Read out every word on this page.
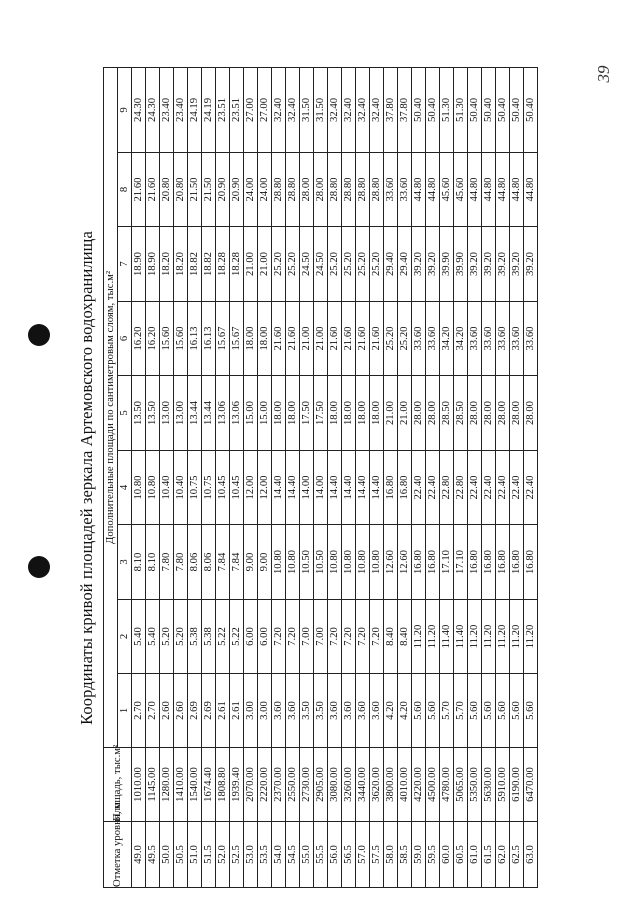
39
Координаты кривой площадей зеркала Артемовского водохранилища
Отметка уровня, м	Площадь, тыс.м²	Дополнительные площади по сантиметровым слоям, тыс.м²								
		1	2	3	4	5	6	7	8	9
49.0	1010.00	2.70	5.40	8.10	10.80	13.50	16.20	18.90	21.60	24.30
49.5	1145.00	2.70	5.40	8.10	10.80	13.50	16.20	18.90	21.60	24.30
50.0	1280.00	2.60	5.20	7.80	10.40	13.00	15.60	18.20	20.80	23.40
50.5	1410.00	2.60	5.20	7.80	10.40	13.00	15.60	18.20	20.80	23.40
51.0	1540.00	2.69	5.38	8.06	10.75	13.44	16.13	18.82	21.50	24.19
51.5	1674.40	2.69	5.38	8.06	10.75	13.44	16.13	18.82	21.50	24.19
52.0	1808.80	2.61	5.22	7.84	10.45	13.06	15.67	18.28	20.90	23.51
52.5	1939.40	2.61	5.22	7.84	10.45	13.06	15.67	18.28	20.90	23.51
53.0	2070.00	3.00	6.00	9.00	12.00	15.00	18.00	21.00	24.00	27.00
53.5	2220.00	3.00	6.00	9.00	12.00	15.00	18.00	21.00	24.00	27.00
54.0	2370.00	3.60	7.20	10.80	14.40	18.00	21.60	25.20	28.80	32.40
54.5	2550.00	3.60	7.20	10.80	14.40	18.00	21.60	25.20	28.80	32.40
55.0	2730.00	3.50	7.00	10.50	14.00	17.50	21.00	24.50	28.00	31.50
55.5	2905.00	3.50	7.00	10.50	14.00	17.50	21.00	24.50	28.00	31.50
56.0	3080.00	3.60	7.20	10.80	14.40	18.00	21.60	25.20	28.80	32.40
56.5	3260.00	3.60	7.20	10.80	14.40	18.00	21.60	25.20	28.80	32.40
57.0	3440.00	3.60	7.20	10.80	14.40	18.00	21.60	25.20	28.80	32.40
57.5	3620.00	3.60	7.20	10.80	14.40	18.00	21.60	25.20	28.80	32.40
58.0	3800.00	4.20	8.40	12.60	16.80	21.00	25.20	29.40	33.60	37.80
58.5	4010.00	4.20	8.40	12.60	16.80	21.00	25.20	29.40	33.60	37.80
59.0	4220.00	5.60	11.20	16.80	22.40	28.00	33.60	39.20	44.80	50.40
59.5	4500.00	5.60	11.20	16.80	22.40	28.00	33.60	39.20	44.80	50.40
60.0	4780.00	5.70	11.40	17.10	22.80	28.50	34.20	39.90	45.60	51.30
60.5	5065.00	5.70	11.40	17.10	22.80	28.50	34.20	39.90	45.60	51.30
61.0	5350.00	5.60	11.20	16.80	22.40	28.00	33.60	39.20	44.80	50.40
61.5	5630.00	5.60	11.20	16.80	22.40	28.00	33.60	39.20	44.80	50.40
62.0	5910.00	5.60	11.20	16.80	22.40	28.00	33.60	39.20	44.80	50.40
62.5	6190.00	5.60	11.20	16.80	22.40	28.00	33.60	39.20	44.80	50.40
63.0	6470.00	5.60	11.20	16.80	22.40	28.00	33.60	39.20	44.80	50.40
